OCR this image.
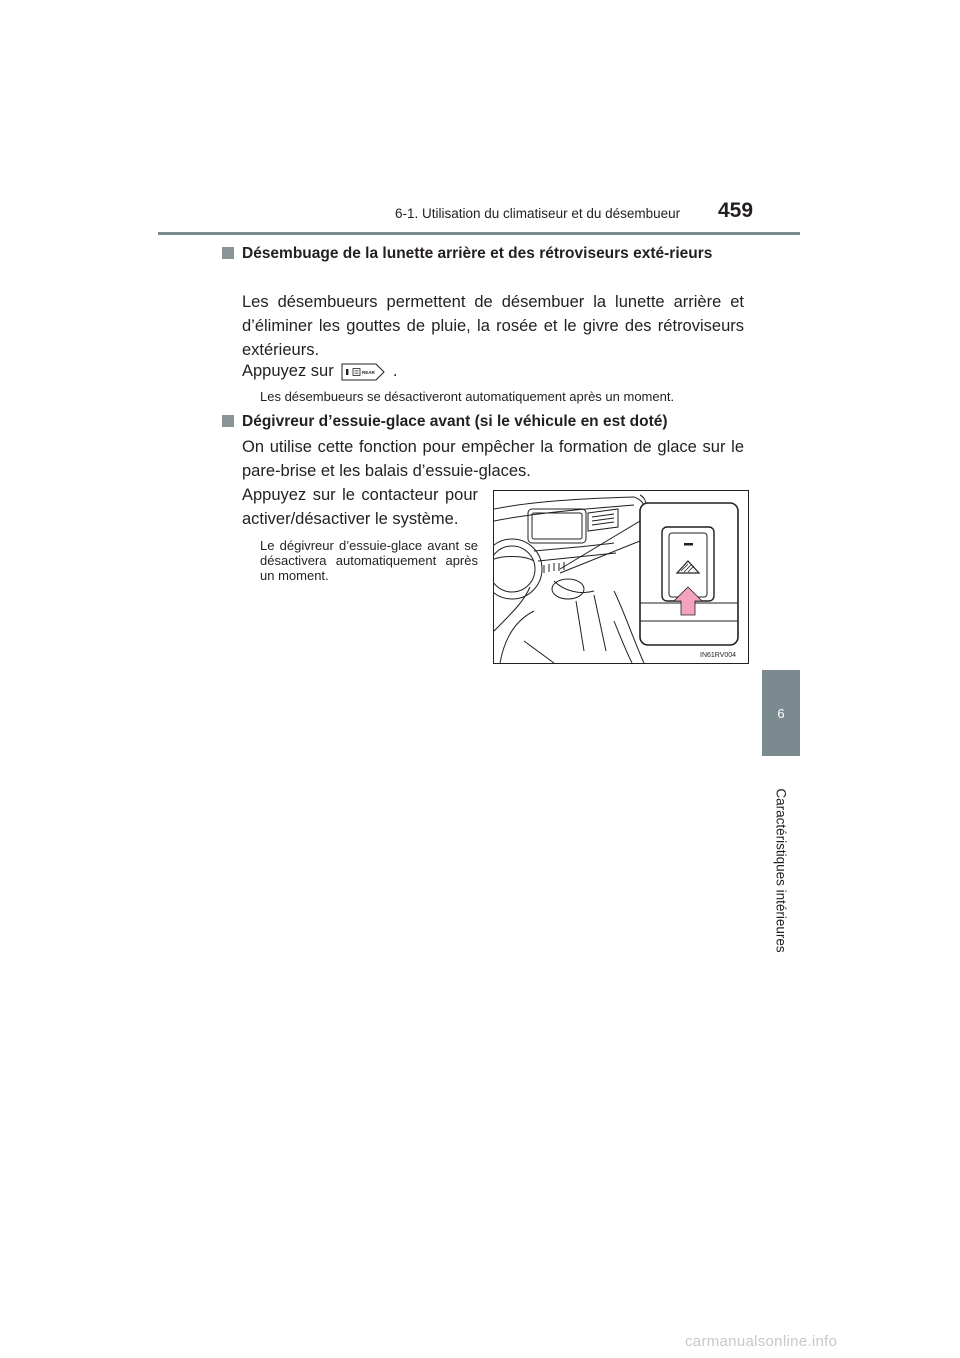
6-1. Utilisation du climatiseur et du désembueur	459
6
Caractéristiques intérieures
Désembuage de la lunette arrière et des rétroviseurs exté-rieurs
Les désembueurs permettent de désembuer la lunette arrière et d’éliminer les gouttes de pluie, la rosée et le givre des rétroviseurs extérieurs.
Appuyez sur	REAR .
Les désembueurs se désactiveront automatiquement après un moment.
Dégivreur d’essuie-glace avant (si le véhicule en est doté)
On utilise cette fonction pour empêcher la formation de glace sur le pare-brise et les balais d’essuie-glaces.
Appuyez sur le contacteur pour activer/désactiver le système.
Le dégivreur d’essuie-glace avant se désactivera automatiquement après un moment.
IN61RV004
carmanualsonline.info
